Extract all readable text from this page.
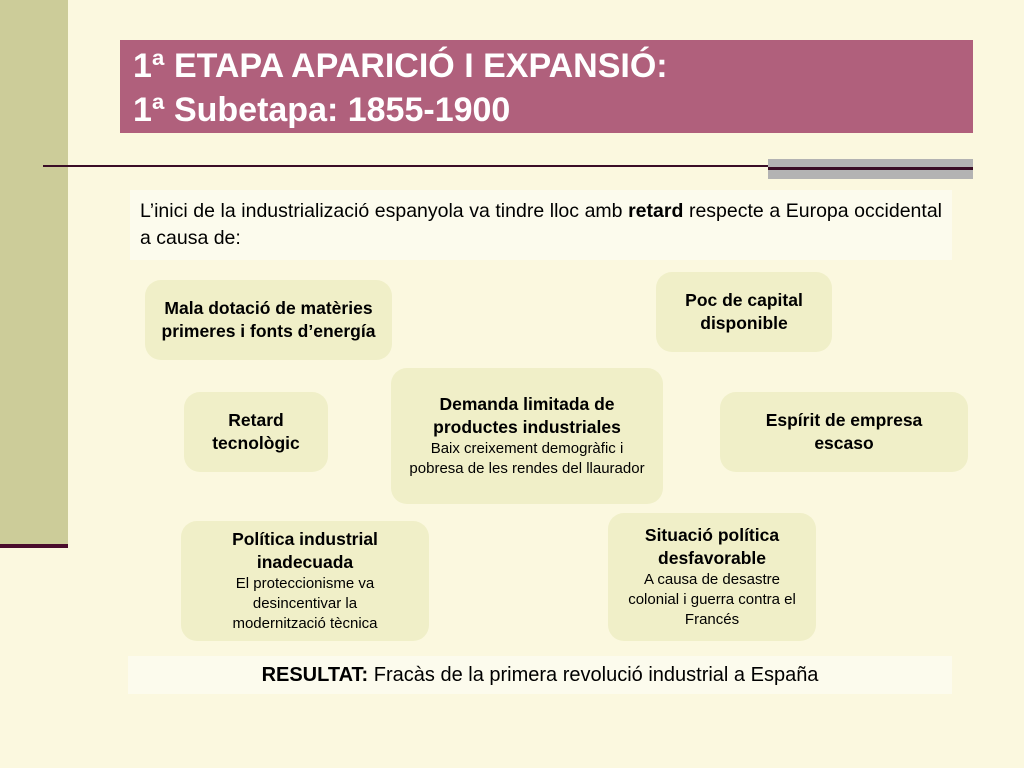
1ª ETAPA APARICIÓ I EXPANSIÓ:
1ª Subetapa: 1855-1900
L’inici de la industrializació espanyola va tindre lloc amb retard respecte a Europa occidental a causa de:
Mala dotació de matèries primeres i fonts d’energía
Poc de capital disponible
Retard tecnològic
Demanda limitada de productes industriales
Baix creixement demogràfic i pobresa de les rendes del llaurador
Espírit de empresa escaso
Política industrial inadecuada
El proteccionisme va desincentivar la modernització tècnica
Situació política desfavorable
A causa de desastre colonial i guerra contra el Francés
RESULTAT: Fracàs de la primera revolució industrial a España
